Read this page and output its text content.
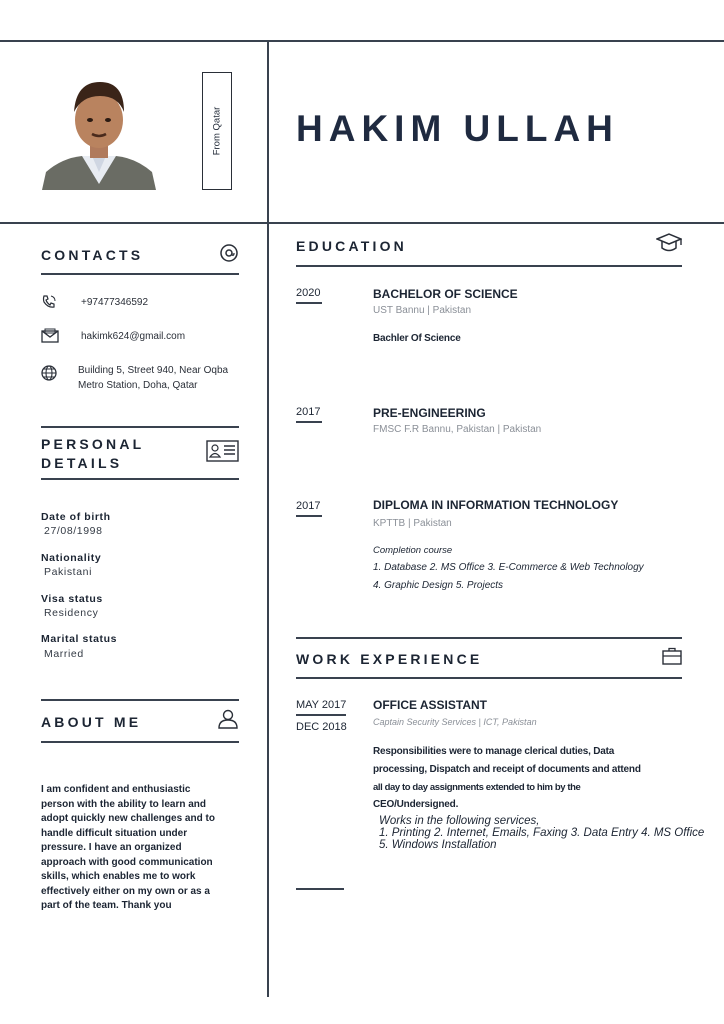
From Qatar HAKIM ULLAH
CONTACTS
+97477346592
hakimk624@gmail.com
Building 5, Street 940, Near Oqba
Metro Station, Doha, Qatar
PERSONAL
DETAILS
Date of birth
27/08/1998
Nationality
Pakistani
Visa status
Residency
Marital status
Married
ABOUT ME
I am confident and enthusiastic
person with the ability to learn and
adopt quickly new challenges and to
handle difficult situation under
pressure. I have an organized
approach with good communication
skills, which enables me to work
effectively either on my own or as a
part of the team. Thank you
EDUCATION
2020	BACHELOR OF SCIENCE
UST Bannu | Pakistan
Bachler Of Science
2017	PRE-ENGINEERING
FMSC F.R Bannu, Pakistan | Pakistan
2017	DIPLOMA IN INFORMATION TECHNOLOGY
KPTTB | Pakistan
Completion course
1. Database 2. MS Office 3. E-Commerce & Web Technology
4. Graphic Design 5. Projects
WORK EXPERIENCE
MAY 2017
DEC 2018
OFFICE ASSISTANT
Captain Security Services | ICT, Pakistan
Responsibilities were to manage clerical duties, Data
processing, Dispatch and receipt of documents and attend
all day to day assignments extended to him by the
CEO/Undersigned.
Works in the following services,
1. Printing 2. Internet, Emails, Faxing 3. Data Entry 4. MS Office
5. Windows Installation
